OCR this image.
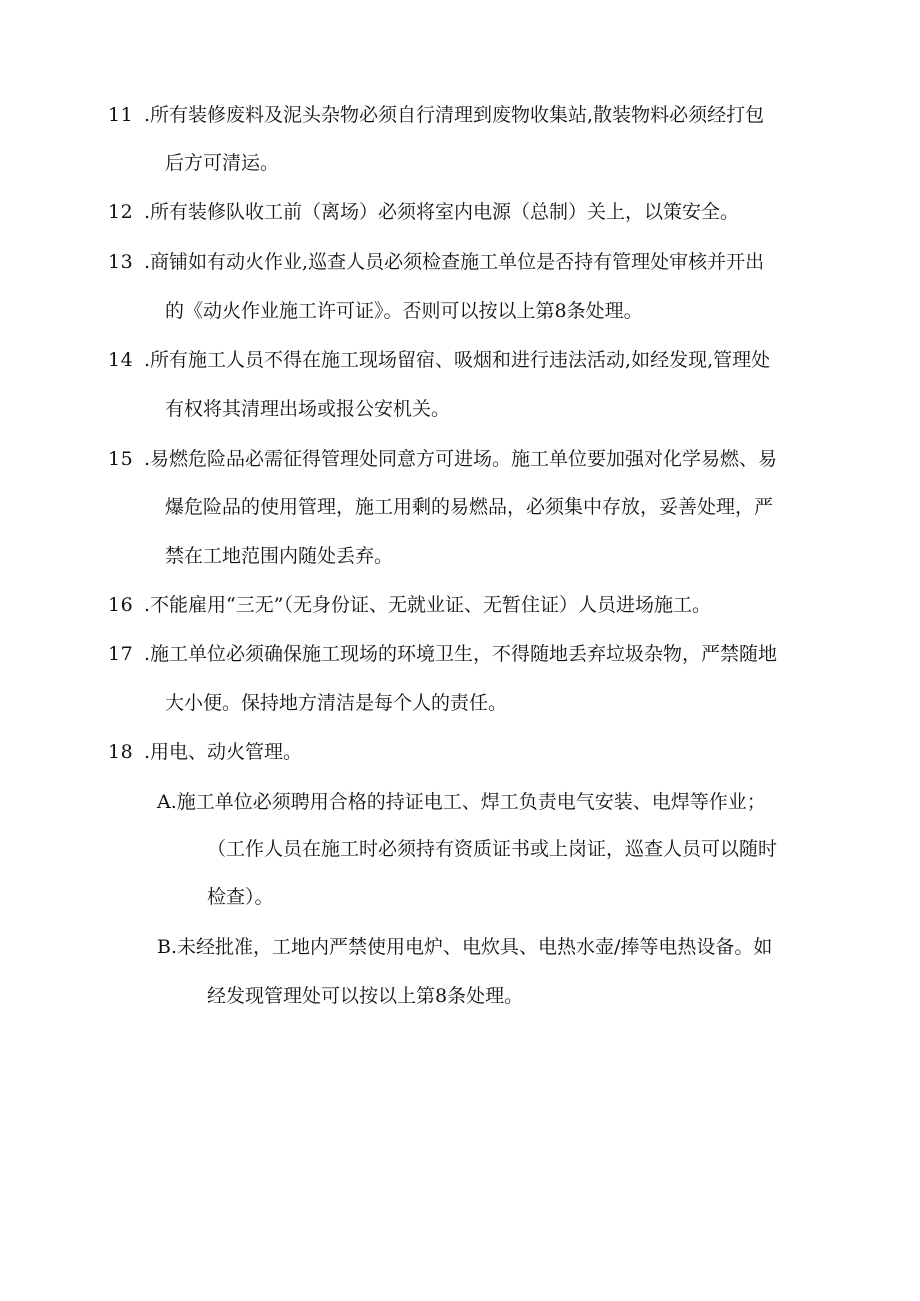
11 .所有装修废料及泥头杂物必须自行清理到废物收集站,散装物料必须经打包
后方可清运。
12 .所有装修队收工前（离场）必须将室内电源（总制）关上，以策安全。
13 .商铺如有动火作业,巡查人员必须检查施工单位是否持有管理处审核并开出
的《动火作业施工许可证》。否则可以按以上第8条处理。
14 .所有施工人员不得在施工现场留宿、吸烟和进行违法活动,如经发现,管理处
有权将其清理出场或报公安机关。
15 .易燃危险品必需征得管理处同意方可进场。施工单位要加强对化学易燃、易
爆危险品的使用管理，施工用剩的易燃品，必须集中存放，妥善处理，严
禁在工地范围内随处丢弃。
16 .不能雇用“三无”（无身份证、无就业证、无暂住证）人员进场施工。
17 .施工单位必须确保施工现场的环境卫生，不得随地丢弃垃圾杂物，严禁随地
大小便。保持地方清洁是每个人的责任。
18 .用电、动火管理。
A.施工单位必须聘用合格的持证电工、焊工负责电气安装、电焊等作业；
（工作人员在施工时必须持有资质证书或上岗证，巡查人员可以随时
检查）。
B.未经批准，工地内严禁使用电炉、电炊具、电热水壶/捧等电热设备。如
经发现管理处可以按以上第8条处理。
